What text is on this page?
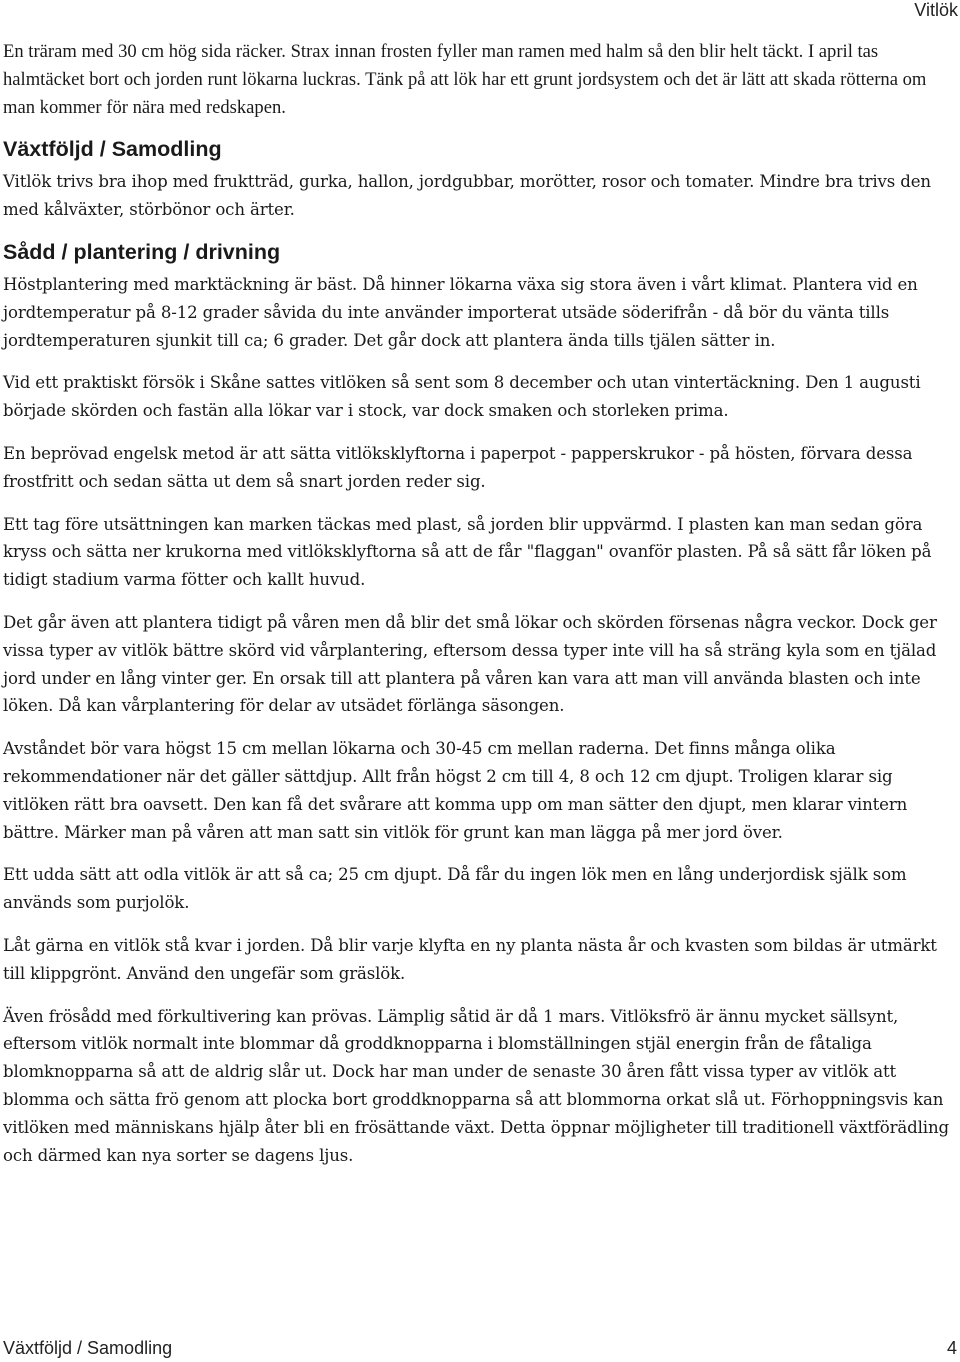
Vitlök

En träram med 30 cm hög sida räcker. Strax innan frosten fyller man ramen med halm så den blir helt täckt. I april tas halmtäcket bort och jorden runt lökarna luckras. Tänk på att lök har ett grunt jordsystem och det är lätt att skada rötterna om man kommer för nära med redskapen.

Växtföljd / Samodling

Vitlök trivs bra ihop med fruktträd, gurka, hallon, jordgubbar, morötter, rosor och tomater. Mindre bra trivs den med kålväxter, störbönor och ärter.

Sådd / plantering / drivning

Höstplantering med marktäckning är bäst. Då hinner lökarna växa sig stora även i vårt klimat. Plantera vid en jordtemperatur på 8-12 grader såvida du inte använder importerat utsäde söderifrån - då bör du vänta tills jordtemperaturen sjunkit till ca; 6 grader. Det går dock att plantera ända tills tjälen sätter in.

Vid ett praktiskt försök i Skåne sattes vitlöken så sent som 8 december och utan vintertäckning. Den 1 augusti började skörden och fastän alla lökar var i stock, var dock smaken och storleken prima.

En beprövad engelsk metod är att sätta vitlöksklyftorna i paperpot - papperskrukor - på hösten, förvara dessa frostfritt och sedan sätta ut dem så snart jorden reder sig.

Ett tag före utsättningen kan marken täckas med plast, så jorden blir uppvärmd. I plasten kan man sedan göra kryss och sätta ner krukorna med vitlöksklyftorna så att de får "flaggan" ovanför plasten. På så sätt får löken på tidigt stadium varma fötter och kallt huvud.

Det går även att plantera tidigt på våren men då blir det små lökar och skörden försenas några veckor. Dock ger vissa typer av vitlök bättre skörd vid vårplantering, eftersom dessa typer inte vill ha så sträng kyla som en tjälad jord under en lång vinter ger. En orsak till att plantera på våren kan vara att man vill använda blasten och inte löken. Då kan vårplantering för delar av utsädet förlänga säsongen.

Avståndet bör vara högst 15 cm mellan lökarna och 30-45 cm mellan raderna. Det finns många olika rekommendationer när det gäller sättdjup. Allt från högst 2 cm till 4, 8 och 12 cm djupt. Troligen klarar sig vitlöken rätt bra oavsett. Den kan få det svårare att komma upp om man sätter den djupt, men klarar vintern bättre. Märker man på våren att man satt sin vitlök för grunt kan man lägga på mer jord över.

Ett udda sätt att odla vitlök är att så ca; 25 cm djupt. Då får du ingen lök men en lång underjordisk själk som används som purjolök.

Låt gärna en vitlök stå kvar i jorden. Då blir varje klyfta en ny planta nästa år och kvasten som bildas är utmärkt till klippgrönt. Använd den ungefär som gräslök.

Även frösådd med förkultivering kan prövas. Lämplig såtid är då 1 mars. Vitlöksfrö är ännu mycket sällsynt, eftersom vitlök normalt inte blommar då groddknopparna i blomställningen stjäl energin från de fåtaliga blomknopparna så att de aldrig slår ut. Dock har man under de senaste 30 åren fått vissa typer av vitlök att blomma och sätta frö genom att plocka bort groddknopparna så att blommorna orkat slå ut. Förhoppningsvis kan vitlöken med människans hjälp åter bli en frösättande växt. Detta öppnar möjligheter till traditionell växtförädling och därmed kan nya sorter se dagens ljus.

Växtföljd / Samodling	4
